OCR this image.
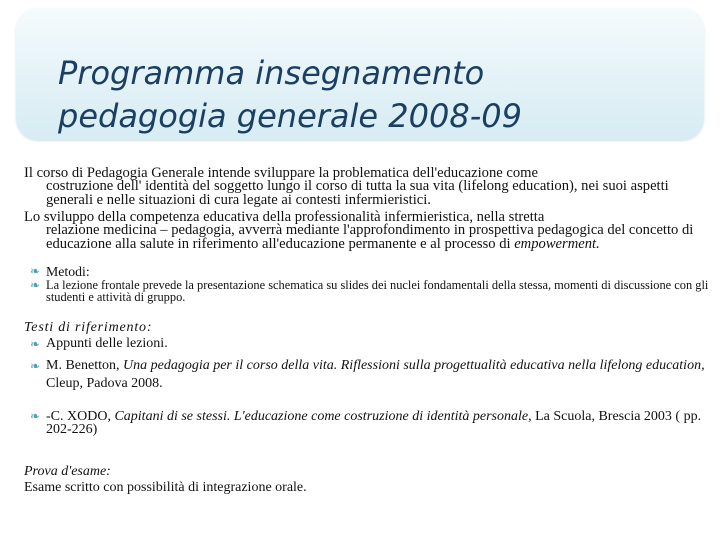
Programma insegnamento
pedagogia generale 2008-09
Il corso di Pedagogia Generale intende sviluppare la problematica dell'educazione come
costruzione dell' identità del soggetto lungo il corso di tutta la sua vita (lifelong education), nei suoi aspetti generali e nelle situazioni di cura legate ai contesti infermieristici.
Lo sviluppo della competenza educativa della professionalità infermieristica, nella stretta
relazione medicina – pedagogia, avverrà mediante l'approfondimento in prospettiva pedagogica del concetto di educazione alla salute in riferimento all'educazione permanente e al processo di empowerment.
❧ Metodi:
❧ La lezione frontale prevede la presentazione schematica su slides dei nuclei fondamentali della stessa, momenti di discussione con gli studenti e attività di gruppo.
Testi di riferimento:
❧ Appunti delle lezioni.
❧ M. Benetton, Una pedagogia per il corso della vita. Riflessioni sulla progettualità educativa nella lifelong education, Cleup, Padova 2008.
❧ -C. XODO, Capitani di se stessi. L'educazione come costruzione di identità personale, La Scuola, Brescia 2003 ( pp. 202-226)
Prova d'esame:
Esame scritto con possibilità di integrazione orale.
